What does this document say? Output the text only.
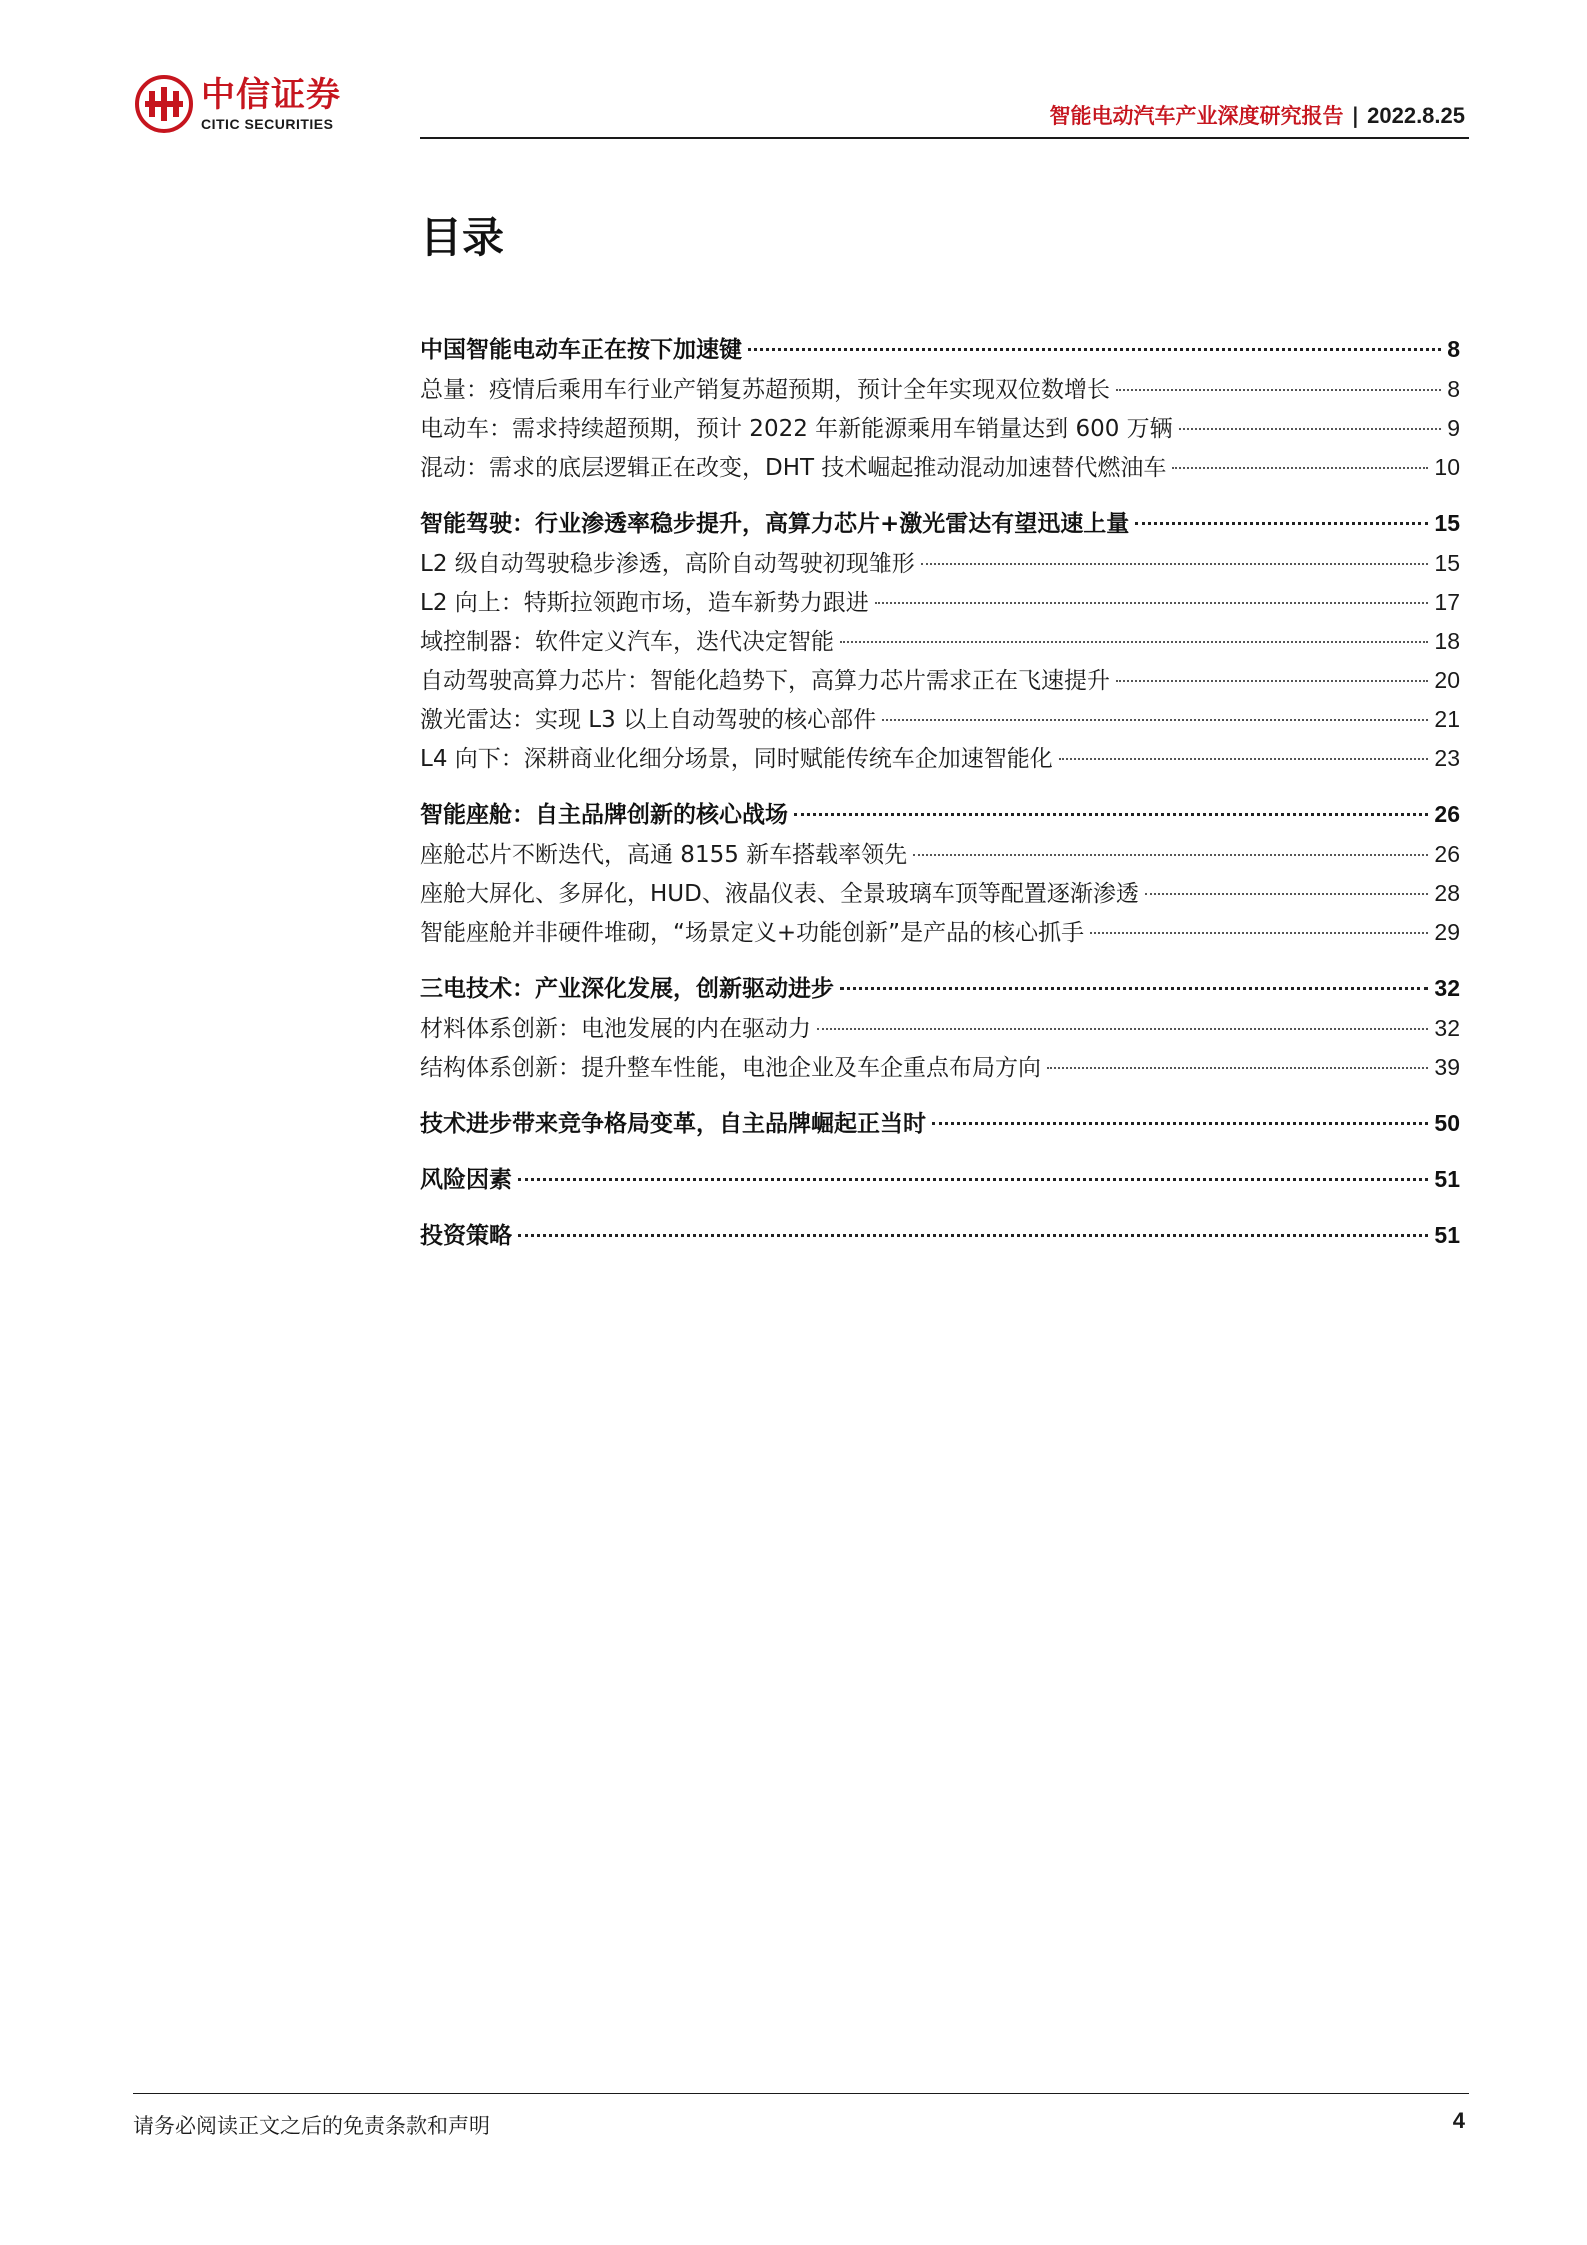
中信证券
CITIC SECURITIES	智能电动汽车产业深度研究报告 | 2022.8.25
目录
中国智能电动车正在按下加速键	8
总量：疫情后乘用车行业产销复苏超预期，预计全年实现双位数增长	8
电动车：需求持续超预期，预计 2022 年新能源乘用车销量达到 600 万辆	9
混动：需求的底层逻辑正在改变，DHT 技术崛起推动混动加速替代燃油车	10
智能驾驶：行业渗透率稳步提升，高算力芯片+激光雷达有望迅速上量	15
L2 级自动驾驶稳步渗透，高阶自动驾驶初现雏形	15
L2 向上：特斯拉领跑市场，造车新势力跟进	17
域控制器：软件定义汽车，迭代决定智能	18
自动驾驶高算力芯片：智能化趋势下，高算力芯片需求正在飞速提升	20
激光雷达：实现 L3 以上自动驾驶的核心部件	21
L4 向下：深耕商业化细分场景，同时赋能传统车企加速智能化	23
智能座舱：自主品牌创新的核心战场	26
座舱芯片不断迭代，高通 8155 新车搭载率领先	26
座舱大屏化、多屏化，HUD、液晶仪表、全景玻璃车顶等配置逐渐渗透	28
智能座舱并非硬件堆砌，“场景定义+功能创新”是产品的核心抓手	29
三电技术：产业深化发展，创新驱动进步	32
材料体系创新：电池发展的内在驱动力	32
结构体系创新：提升整车性能，电池企业及车企重点布局方向	39
技术进步带来竞争格局变革，自主品牌崛起正当时	50
风险因素	51
投资策略	51
请务必阅读正文之后的免责条款和声明	4
